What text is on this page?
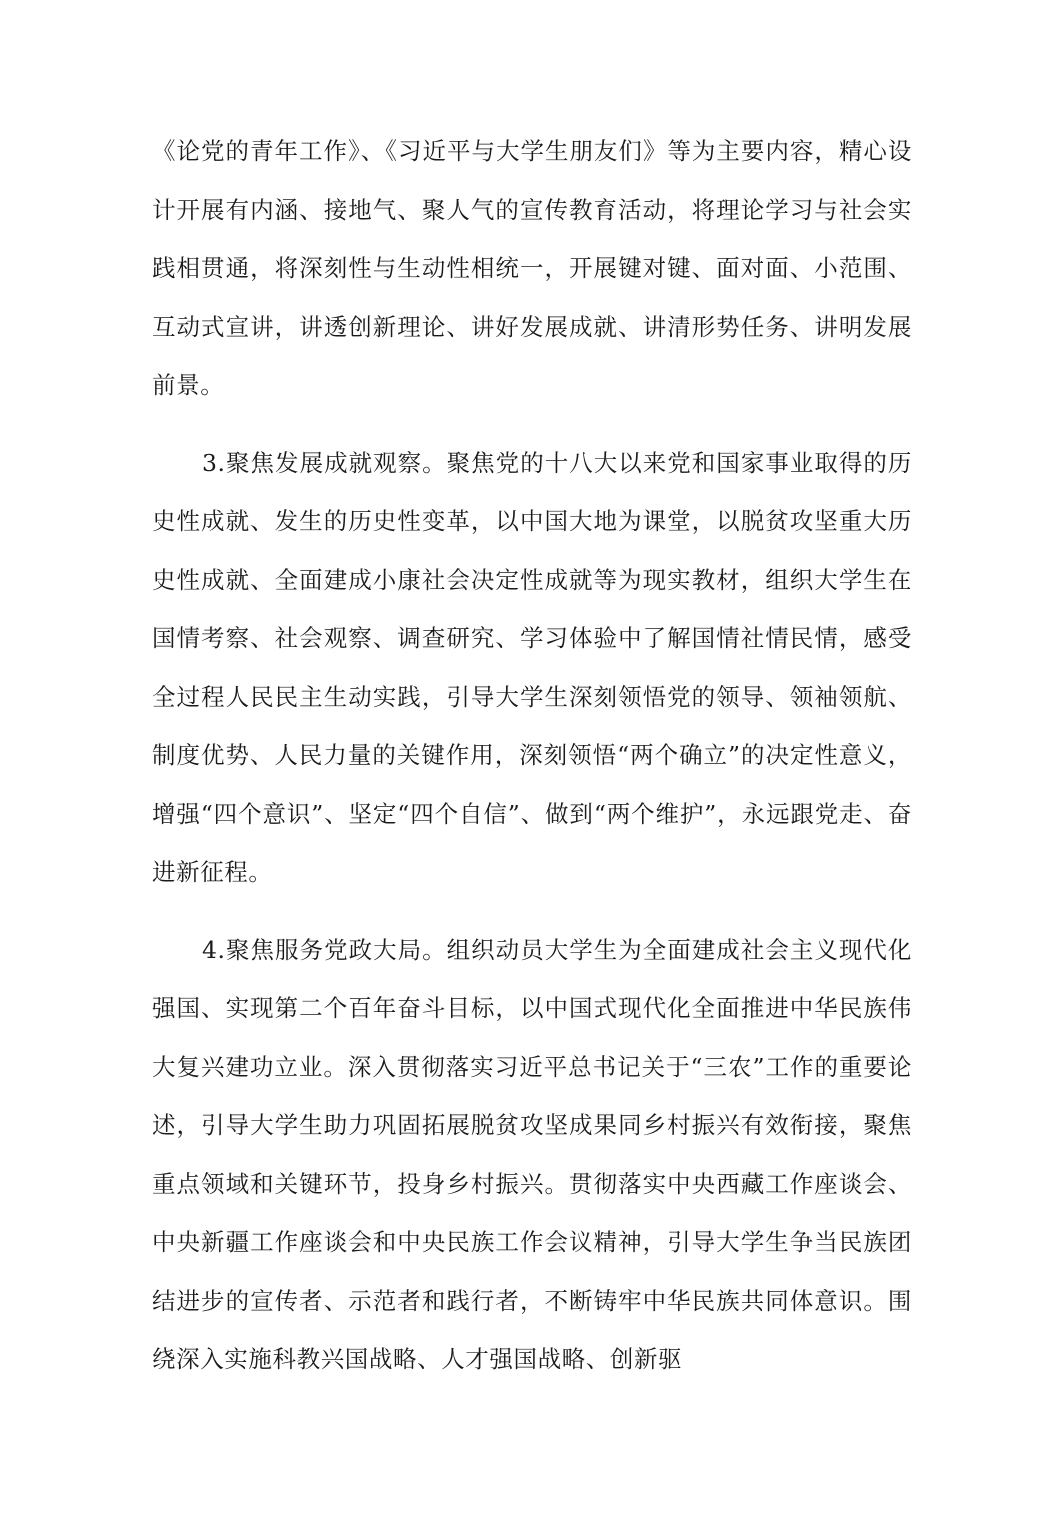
《论党的青年工作》、《习近平与大学生朋友们》等为主要内容，精心设计开展有内涵、接地气、聚人气的宣传教育活动，将理论学习与社会实践相贯通，将深刻性与生动性相统一，开展键对键、面对面、小范围、互动式宣讲，讲透创新理论、讲好发展成就、讲清形势任务、讲明发展前景。

3.聚焦发展成就观察。聚焦党的十八大以来党和国家事业取得的历史性成就、发生的历史性变革，以中国大地为课堂，以脱贫攻坚重大历史性成就、全面建成小康社会决定性成就等为现实教材，组织大学生在国情考察、社会观察、调查研究、学习体验中了解国情社情民情，感受全过程人民民主生动实践，引导大学生深刻领悟党的领导、领袖领航、制度优势、人民力量的关键作用，深刻领悟“两个确立”的决定性意义，增强“四个意识”、坚定“四个自信”、做到“两个维护”，永远跟党走、奋进新征程。

4.聚焦服务党政大局。组织动员大学生为全面建成社会主义现代化强国、实现第二个百年奋斗目标，以中国式现代化全面推进中华民族伟大复兴建功立业。深入贯彻落实习近平总书记关于“三农”工作的重要论述，引导大学生助力巩固拓展脱贫攻坚成果同乡村振兴有效衔接，聚焦重点领域和关键环节，投身乡村振兴。贯彻落实中央西藏工作座谈会、中央新疆工作座谈会和中央民族工作会议精神，引导大学生争当民族团结进步的宣传者、示范者和践行者，不断铸牢中华民族共同体意识。围绕深入实施科教兴国战略、人才强国战略、创新驱
